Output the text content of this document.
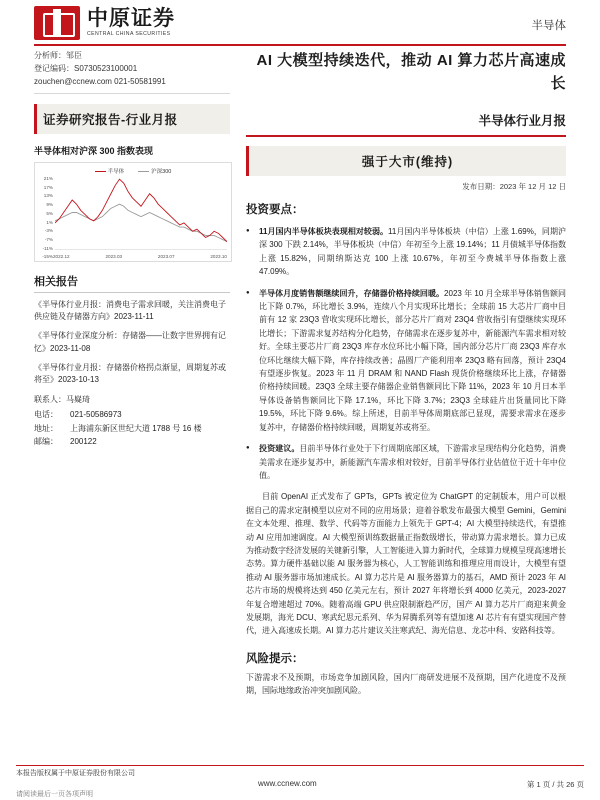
中原证券
CENTRAL CHINA SECURITIES
半导体
分析师：邹臣
登记编码：S0730523100001
zouchen@ccnew.com 021-50581991
证券研究报告-行业月报
半导体相对沪深 300 指数表现
半导体	沪深300
21%
17%
13%
9%
5%
1%
-3%
-7%
-11%
-15% 2022.12	2023.03	2023.07	2023.10
相关报告
《半导体行业月报：消费电子需求回暖，关注消费电子供应链及存储器方向》2023-11-11
《半导体行业深度分析：存储器——让数字世界拥有记忆》2023-11-08
《半导体行业月报：存储器价格拐点渐显，周期复苏或将至》2023-10-13
联系人：马嶷琦
电话：	021-50586973
地址：	上海浦东新区世纪大道 1788 号 16 楼
邮编：	200122
AI 大模型持续迭代，推动 AI 算力芯片高速成长
半导体行业月报
强于大市(维持)
发布日期：2023 年 12 月 12 日
投资要点：
● 11月国内半导体板块表现相对较弱。11月国内半导体板块（中信）上涨 1.69%，同期沪深 300 下跌 2.14%，半导体板块（中信）年初至今上涨 19.14%；11 月债城半导体指数上涨 15.82%，同期纳斯达克 100 上涨 10.67%，年初至今费城半导体指数上涨 47.09%。
● 半导体月度销售额继续回升，存储器价格持续回暖。2023 年 10 月全球半导体销售额同比下降 0.7%，环比增长 3.9%，连续八个月实现环比增长；全球前 15 大芯片厂商中目前有 12 家 23Q3 营收实现环比增长，部分芯片厂商对 23Q4 营收指引有望继续实现环比增长；下游需求复苏结构分化趋势，存储需求在逐步复苏中，新能源汽车需求相对较好。全球主要芯片厂商 23Q3 库存水位环比小幅下降，国内部分芯片厂商 23Q3 库存水位环比继续大幅下降，库存持续改善；晶圆厂产能利用率 23Q3 略有回落，预计 23Q4 有望逐步恢复。2023 年 11 月 DRAM 和 NAND Flash 现货价格继续环比上涨，存储器价格持续回暖。23Q3 全球主要存储器企业销售额同比下降 11%，2023 年 10 月日本半导体设备销售额同比下降 17.1%，环比下降 3.7%；23Q3 全球硅片出货量同比下降 19.5%，环比下降 9.6%。综上所述，目前半导体周期底部已显现，需要求需求在逐步复苏中，存储器价格持续回暖，周期复苏或将至。
● 投资建议。目前半导体行业处于下行周期底部区域，下游需求呈现结构分化趋势，消费美需求在逐步复苏中，新能源汽车需求相对较好，目前半导体行业估值位于近十年中位值。
目前 OpenAI 正式发布了 GPTs，GPTs 被定位为 ChatGPT 的定制版本，用户可以根据自己的需求定制模型以应对不同的应用场景；迎着谷歌发布最强大模型 Gemini，Gemini 在文本处理、推理、数学、代码等方面能力上领先于 GPT-4；AI 大模型持续迭代，有望推动 AI 应用加速调度。AI 大模型预训练数据量正指数级增长，带动算力需求增长。算力已成为推动数字经济发展的关键新引擎，人工智能进入算力新时代，全球算力规模呈现高速增长态势。算力硬件基础以能 AI 服务器为核心，人工智能训练和推理应用而设计，大模型有望推动 AI 服务器市场加速成长。AI 算力芯片是 AI 服务器算力的基石，AMD 预计 2023 年 AI 芯片市场的规模将达到 450 亿美元左右，预计 2027 年将增长到 4000 亿美元，2023-2027 年复合增速超过 70%。随着高端 GPU 供应限制渐趋严厉，国产 AI 算力芯片厂商迎来黄金发展期，海光 DCU、寒武纪思元系列、华为昇腾系列等有望加速 AI 芯片有有望实现国产替代，进入高速成长期。AI 算力芯片建议关注寒武纪、海光信息、龙芯中科、安路科技等。
风险提示：
下游需求不及预期，市场竞争加剧风险，国内厂商研发进展不及预期，国产化进度不及预期，国际地缘政治冲突加剧风险。
本报告版权属于中原证券股份有限公司
www.ccnew.com	第 1 页 / 共 26 页
请阅读最后一页各项声明
